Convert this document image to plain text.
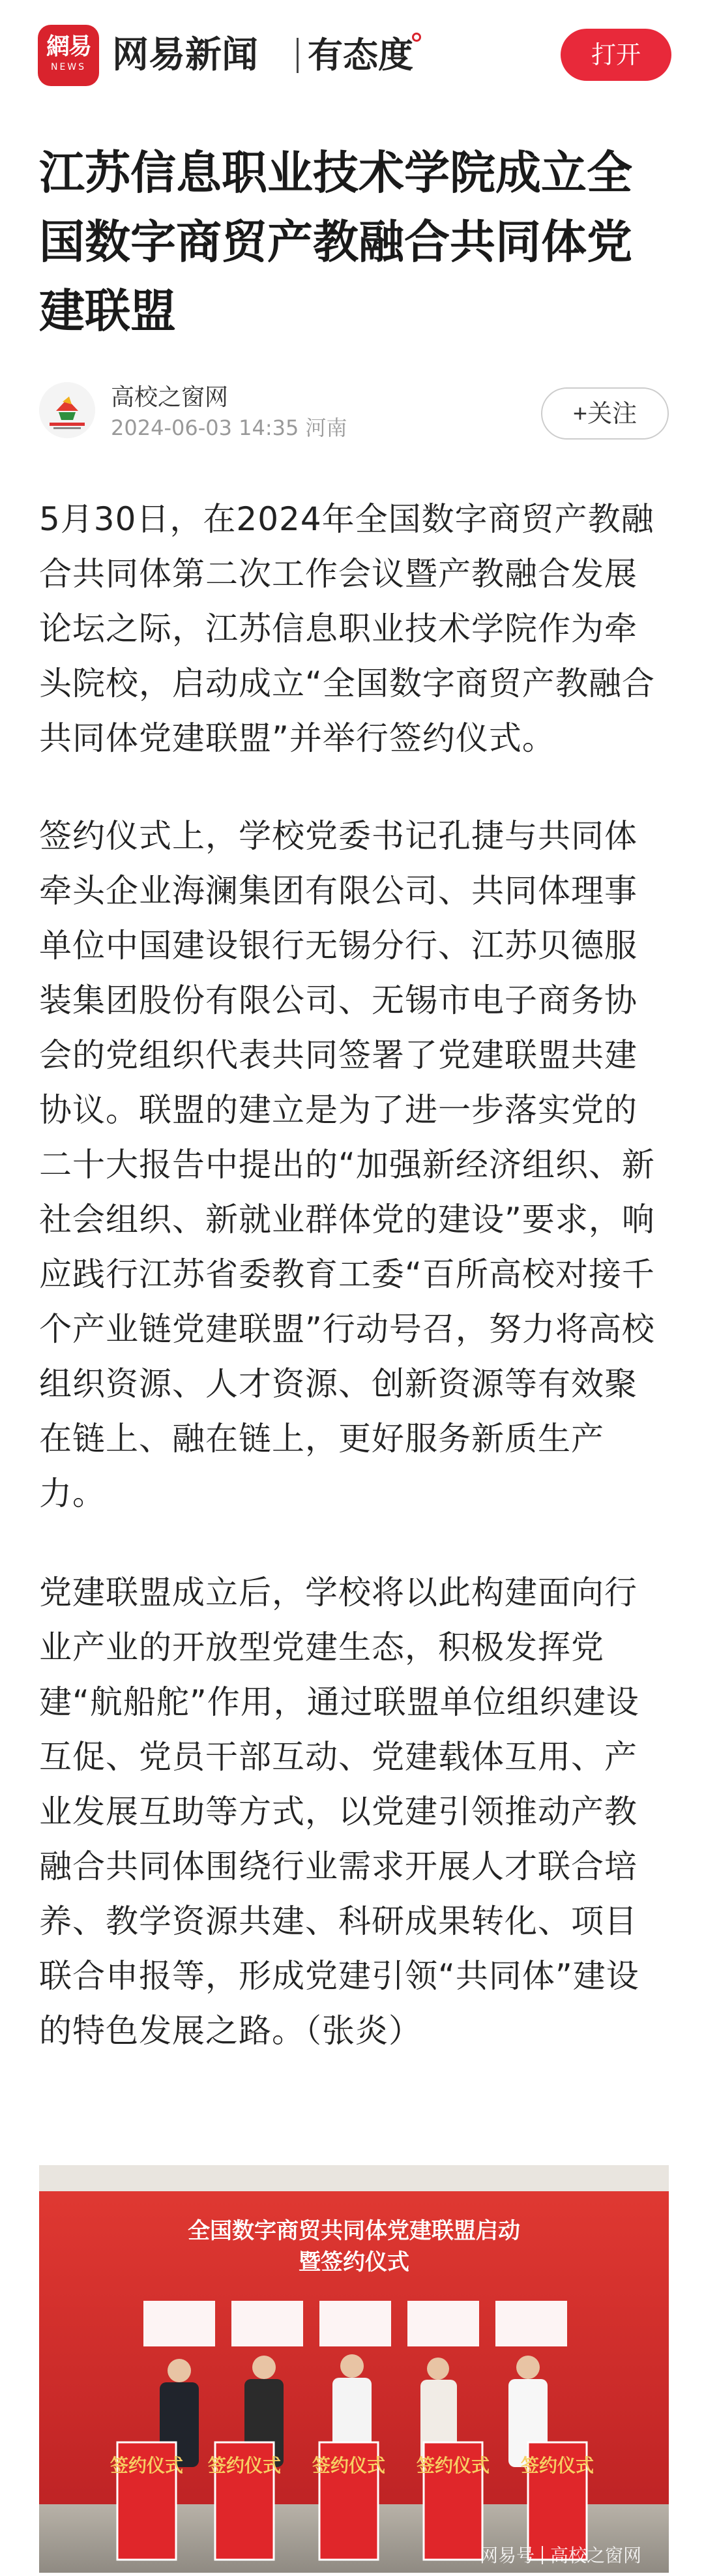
網易
NEWS 网易新闻 有态度	打开
江苏信息职业技术学院成立全国数字商贸产教融合共同体党建联盟
高校之窗网
2024-06-03 14:35 河南	+关注

5月30日，在2024年全国数字商贸产教融合共同体第二次工作会议暨产教融合发展论坛之际，江苏信息职业技术学院作为牵头院校，启动成立“全国数字商贸产教融合共同体党建联盟”并举行签约仪式。

签约仪式上，学校党委书记孔捷与共同体牵头企业海澜集团有限公司、共同体理事单位中国建设银行无锡分行、江苏贝德服装集团股份有限公司、无锡市电子商务协会的党组织代表共同签署了党建联盟共建协议。联盟的建立是为了进一步落实党的二十大报告中提出的“加强新经济组织、新社会组织、新就业群体党的建设”要求，响应践行江苏省委教育工委“百所高校对接千个产业链党建联盟”行动号召，努力将高校组织资源、人才资源、创新资源等有效聚在链上、融在链上，更好服务新质生产力。

党建联盟成立后，学校将以此构建面向行业产业的开放型党建生态，积极发挥党建“航船舵”作用，通过联盟单位组织建设互促、党员干部互动、党建载体互用、产业发展互助等方式，以党建引领推动产教融合共同体围绕行业需求开展人才联合培养、教学资源共建、科研成果转化、项目联合申报等，形成党建引领“共同体”建设的特色发展之路。（张炎）

全国数字商贸共同体党建联盟启动
暨签约仪式
签约仪式 签约仪式 签约仪式 签约仪式 签约仪式
网易号 高校之窗网
